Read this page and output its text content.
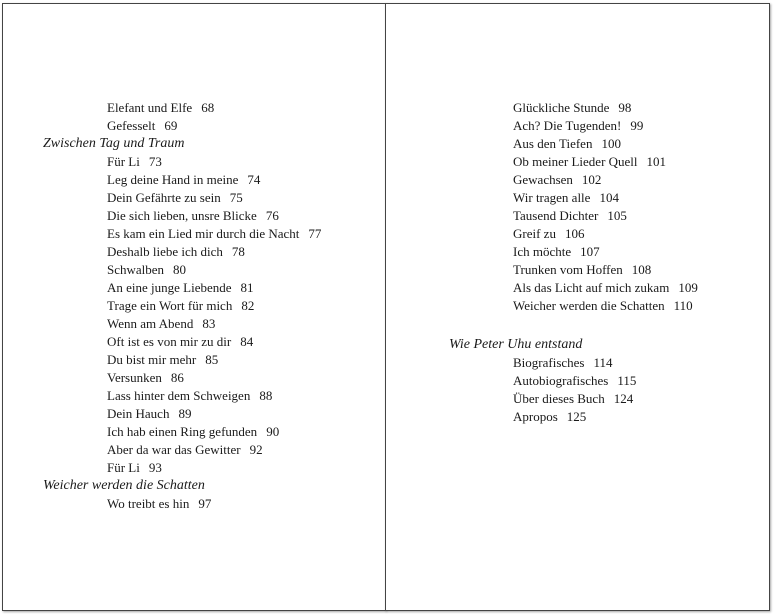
Elefant und Elfe 68
Gefesselt 69
Zwischen Tag und Traum
Für Li 73
Leg deine Hand in meine 74
Dein Gefährte zu sein 75
Die sich lieben, unsre Blicke 76
Es kam ein Lied mir durch die Nacht 77
Deshalb liebe ich dich 78
Schwalben 80
An eine junge Liebende 81
Trage ein Wort für mich 82
Wenn am Abend 83
Oft ist es von mir zu dir 84
Du bist mir mehr 85
Versunken 86
Lass hinter dem Schweigen 88
Dein Hauch 89
Ich hab einen Ring gefunden 90
Aber da war das Gewitter 92
Für Li 93
Weicher werden die Schatten
Wo treibt es hin 97
Glückliche Stunde 98
Ach? Die Tugenden! 99
Aus den Tiefen 100
Ob meiner Lieder Quell 101
Gewachsen 102
Wir tragen alle 104
Tausend Dichter 105
Greif zu 106
Ich möchte 107
Trunken vom Hoffen 108
Als das Licht auf mich zukam 109
Weicher werden die Schatten 110
Wie Peter Uhu entstand
Biografisches 114
Autobiografisches 115
Über dieses Buch 124
Apropos 125
